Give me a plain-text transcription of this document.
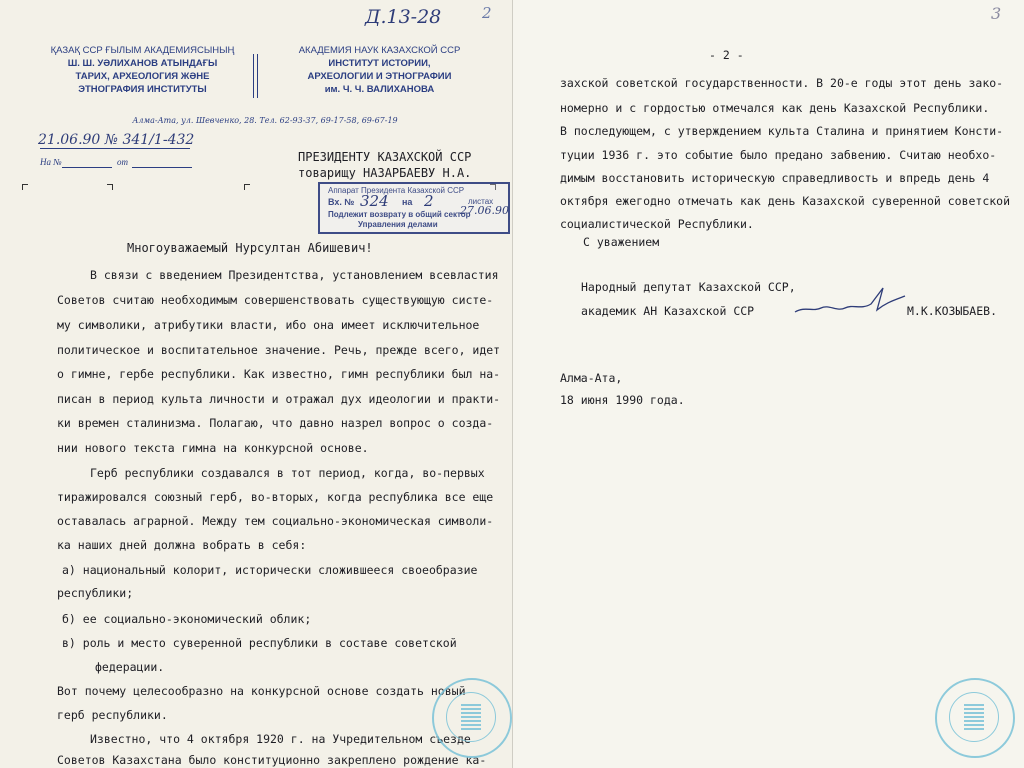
Д.13-28	2
ҚАЗАҚ ССР ҒЫЛЫМ АКАДЕМИЯСЫНЫҢ
Ш. Ш. УӘЛИХАНОВ АТЫНДАҒЫ
ТАРИХ, АРХЕОЛОГИЯ ЖӘНЕ
ЭТНОГРАФИЯ ИНСТИТУТЫ
АКАДЕМИЯ НАУК КАЗАХСКОЙ ССР
ИНСТИТУТ ИСТОРИИ,
АРХЕОЛОГИИ И ЭТНОГРАФИИ
им. Ч. Ч. ВАЛИХАНОВА
Алма-Ата, ул. Шевченко, 28. Тел. 62-93-37, 69-17-58, 69-67-19
21.06.90 № 341/1-432
На №	от	ПРЕЗИДЕНТУ КАЗАХСКОЙ ССР
товарищу НАЗАРБАЕВУ Н.А.
Аппарат Президента Казахской ССР
Вх. № 324 на 2	листах
27.06.90
Подлежит возврату в общий сектор
Управления делами
Многоуважаемый Нурсултан Абишевич!
В связи с введением Президентства, установлением всевластия
Советов считаю необходимым совершенствовать существующую систе-
му символики, атрибутики власти, ибо она имеет исключительное
политическое и воспитательное значение. Речь, прежде всего, идет
о гимне, гербе республики. Как известно, гимн республики был на-
писан в период культа личности и отражал дух идеологии и практи-
ки времен сталинизма. Полагаю, что давно назрел вопрос о созда-
нии нового текста гимна на конкурсной основе.
Герб республики создавался в тот период, когда, во-первых
тиражировался союзный герб, во-вторых, когда республика все еще
оставалась аграрной. Между тем социально-экономическая символи-
ка наших дней должна вобрать в себя:
а) национальный колорит, исторически сложившееся своеобразие
республики;
б) ее социально-экономический облик;
в) роль и место суверенной республики в составе советской
федерации.
Вот почему целесообразно на конкурсной основе создать новый
герб республики.
Известно, что 4 октября 1920 г. на Учредительном съезде
Советов Казахстана было конституционно закреплено рождение ка-
3
- 2 -
захской советской государственности. В 20-е годы этот день зако-
номерно и с гордостью отмечался как день Казахской Республики.
В последующем, с утверждением культа Сталина и принятием Консти-
туции 1936 г. это событие было предано забвению. Считаю необхо-
димым восстановить историческую справедливость и впредь день 4
октября ежегодно отмечать как день Казахской суверенной советской
социалистической Республики.
С уважением
Народный депутат Казахской ССР,
академик АН Казахской ССР	М.К.КОЗЫБАЕВ.
Алма-Ата,
18 июня 1990 года.
